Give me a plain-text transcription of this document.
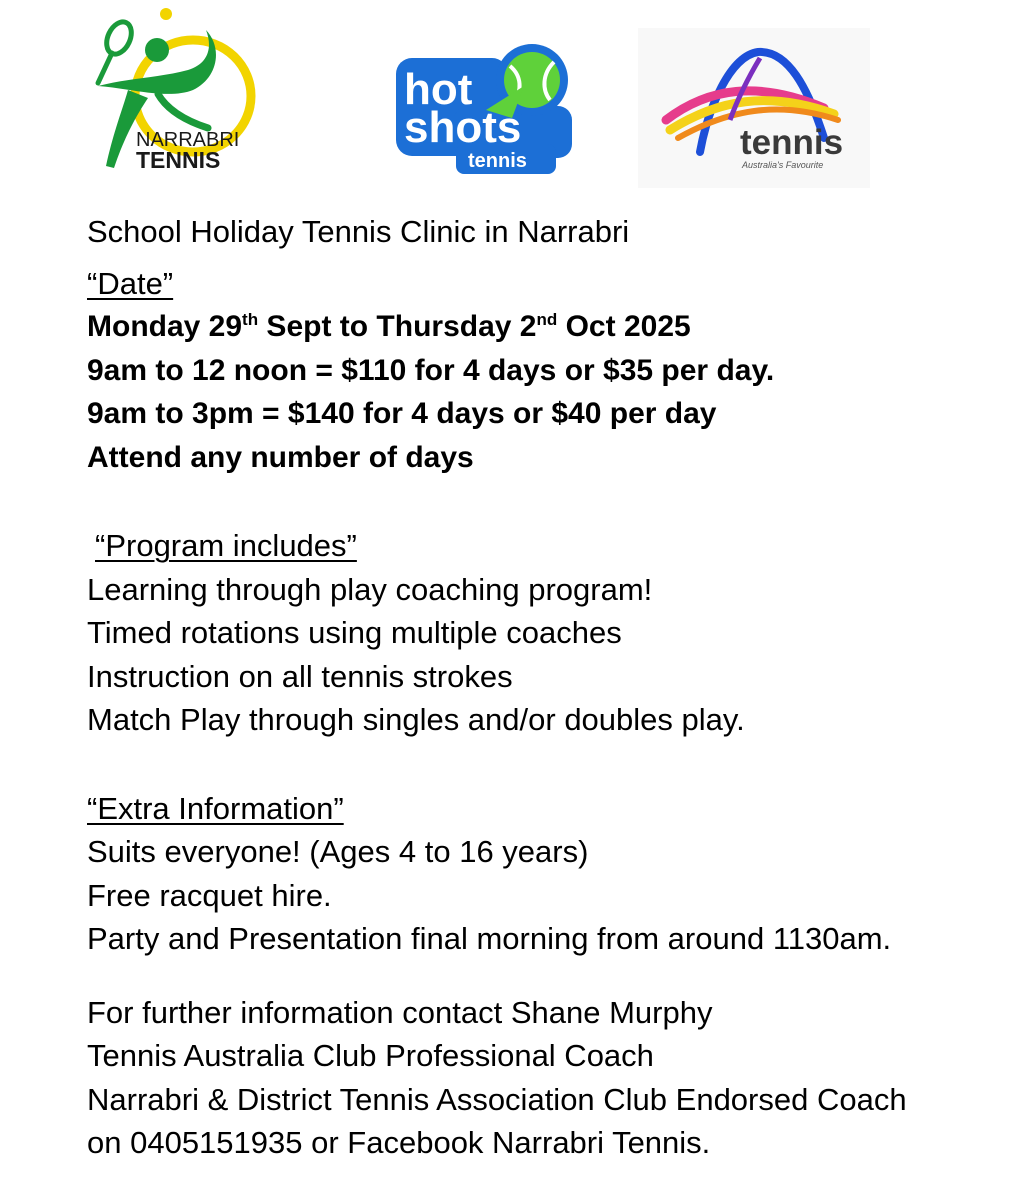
NARRABRI
TENNIS
hot
shots
tennis	tennis
Australia's Favourite
School Holiday Tennis Clinic in Narrabri
“Date”
Monday 29th Sept to Thursday 2nd Oct 2025
9am to 12 noon = $110 for 4 days or $35 per day.
9am to 3pm = $140 for 4 days or $40 per day
Attend any number of days
“Program includes”
Learning through play coaching program!
Timed rotations using multiple coaches
Instruction on all tennis strokes
Match Play through singles and/or doubles play.
“Extra Information”
Suits everyone! (Ages 4 to 16 years)
Free racquet hire.
Party and Presentation final morning from around 1130am.
For further information contact Shane Murphy
Tennis Australia Club Professional Coach
Narrabri & District Tennis Association Club Endorsed Coach
on 0405151935 or Facebook Narrabri Tennis.
